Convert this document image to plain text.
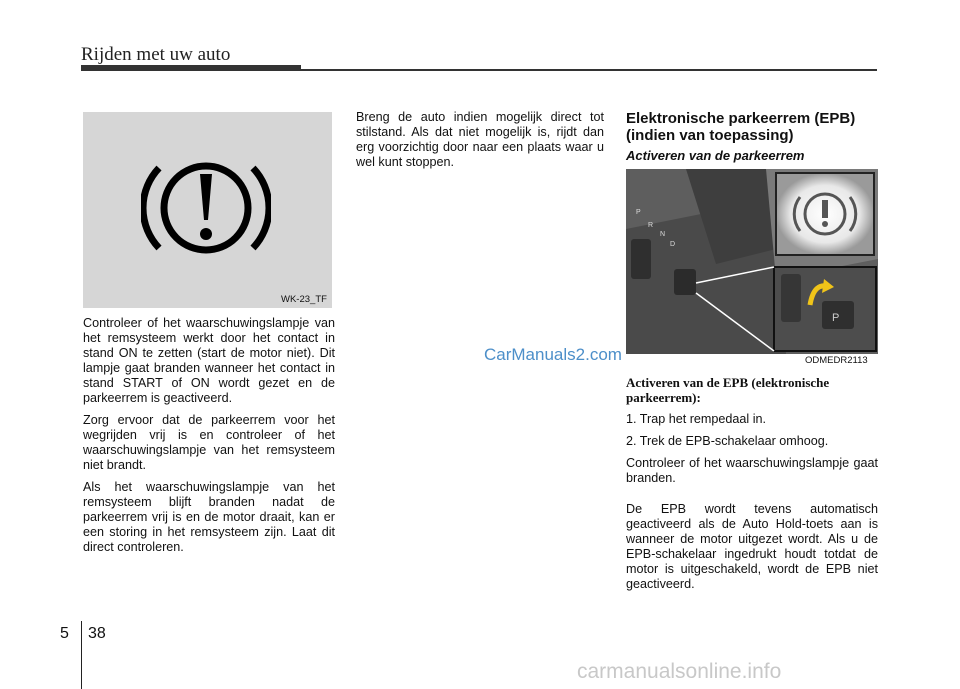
Rijden met uw auto
WK-23_TF

Controleer of het waarschuwingslampje van het remsysteem werkt door het contact in stand ON te zetten (start de motor niet). Dit lampje gaat branden wanneer het contact in stand START of ON wordt gezet en de parkeerrem is geactiveerd.

Zorg ervoor dat de parkeerrem voor het wegrijden vrij is en controleer of het waarschuwingslampje van het remsysteem niet brandt.

Als het waarschuwingslampje van het remsysteem blijft branden nadat de parkeerrem vrij is en de motor draait, kan er een storing in het remsysteem zijn. Laat dit direct controleren.

Breng de auto indien mogelijk direct tot stilstand. Als dat niet mogelijk is, rijdt dan erg voorzichtig door naar een plaats waar u wel kunt stoppen.

Elektronische parkeerrem (EPB) (indien van toepassing)
Activeren van de parkeerrem
P
R
N
D
P
ODMEDR2113

Activeren van de EPB (elektronische parkeerrem):

1. Trap het rempedaal in.

2. Trek de EPB-schakelaar omhoog.

Controleer of het waarschuwingslampje gaat branden.

De EPB wordt tevens automatisch geactiveerd als de Auto Hold-toets aan is wanneer de motor uitgezet wordt. Als u de EPB-schakelaar ingedrukt houdt totdat de motor is uitgeschakeld, wordt de EPB niet geactiveerd.

CarManuals2.com
5 38
carmanualsonline.info
